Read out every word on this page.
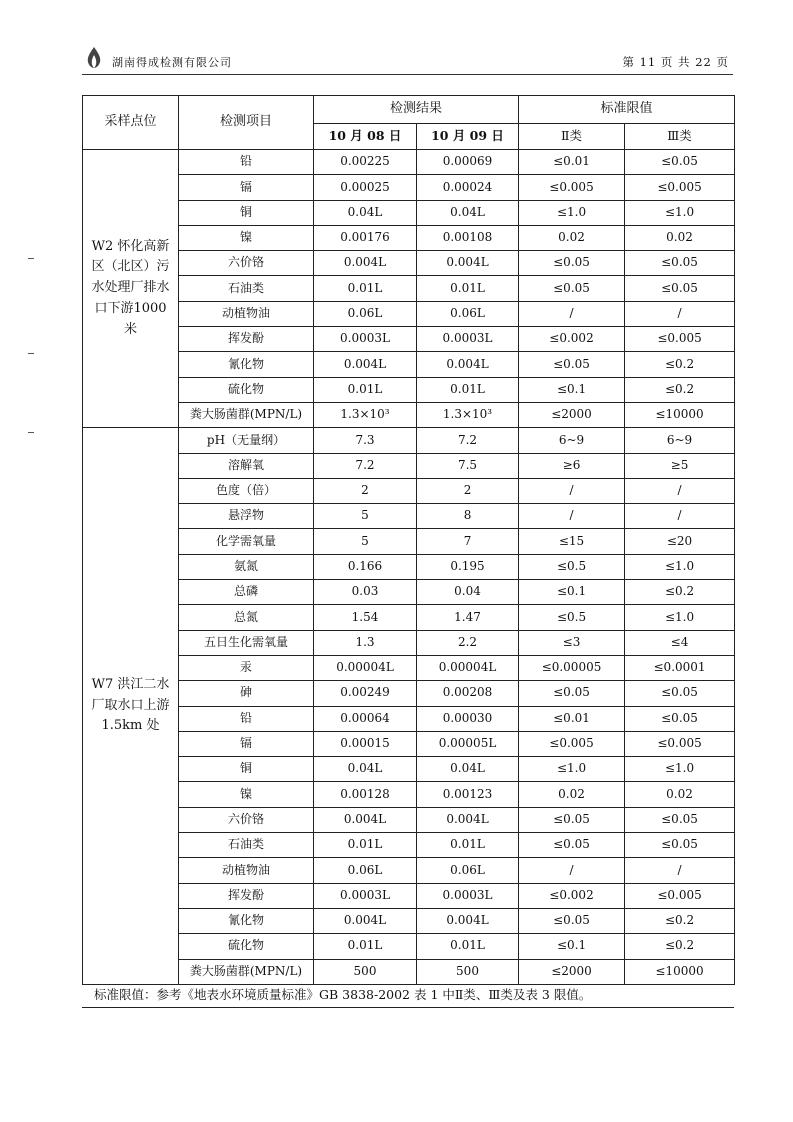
湖南得成检测有限公司	第 11 页 共 22 页
采样点位	检测项目	检测结果		标准限值	
		10 月 08 日	10 月 09 日	Ⅱ类	Ⅲ类

W2 怀化高新区（北区）污水处理厂排水口下游1000 米	铅	0.00225	0.00069	≤0.01	≤0.05
	镉	0.00025	0.00024	≤0.005	≤0.005
	铜	0.04L	0.04L	≤1.0	≤1.0
	镍	0.00176	0.00108	0.02	0.02
	六价铬	0.004L	0.004L	≤0.05	≤0.05
	石油类	0.01L	0.01L	≤0.05	≤0.05
	动植物油	0.06L	0.06L	/	/
	挥发酚	0.0003L	0.0003L	≤0.002	≤0.005
	氰化物	0.004L	0.004L	≤0.05	≤0.2
	硫化物	0.01L	0.01L	≤0.1	≤0.2
	粪大肠菌群(MPN/L)	1.3×10³	1.3×10³	≤2000	≤10000

W7 洪江二水厂取水口上游 1.5km 处	pH（无量纲）	7.3	7.2	6~9	6~9
	溶解氧	7.2	7.5	≥6	≥5
	色度（倍）	2	2	/	/
	悬浮物	5	8	/	/
	化学需氧量	5	7	≤15	≤20
	氨氮	0.166	0.195	≤0.5	≤1.0
	总磷	0.03	0.04	≤0.1	≤0.2
	总氮	1.54	1.47	≤0.5	≤1.0
	五日生化需氧量	1.3	2.2	≤3	≤4
	汞	0.00004L	0.00004L	≤0.00005	≤0.0001
	砷	0.00249	0.00208	≤0.05	≤0.05
	铅	0.00064	0.00030	≤0.01	≤0.05
	镉	0.00015	0.00005L	≤0.005	≤0.005
	铜	0.04L	0.04L	≤1.0	≤1.0
	镍	0.00128	0.00123	0.02	0.02
	六价铬	0.004L	0.004L	≤0.05	≤0.05
	石油类	0.01L	0.01L	≤0.05	≤0.05
	动植物油	0.06L	0.06L	/	/
	挥发酚	0.0003L	0.0003L	≤0.002	≤0.005
	氰化物	0.004L	0.004L	≤0.05	≤0.2
	硫化物	0.01L	0.01L	≤0.1	≤0.2
	粪大肠菌群(MPN/L)	500	500	≤2000	≤10000
标准限值：参考《地表水环境质量标准》GB 3838-2002 表 1 中Ⅱ类、Ⅲ类及表 3 限值。
